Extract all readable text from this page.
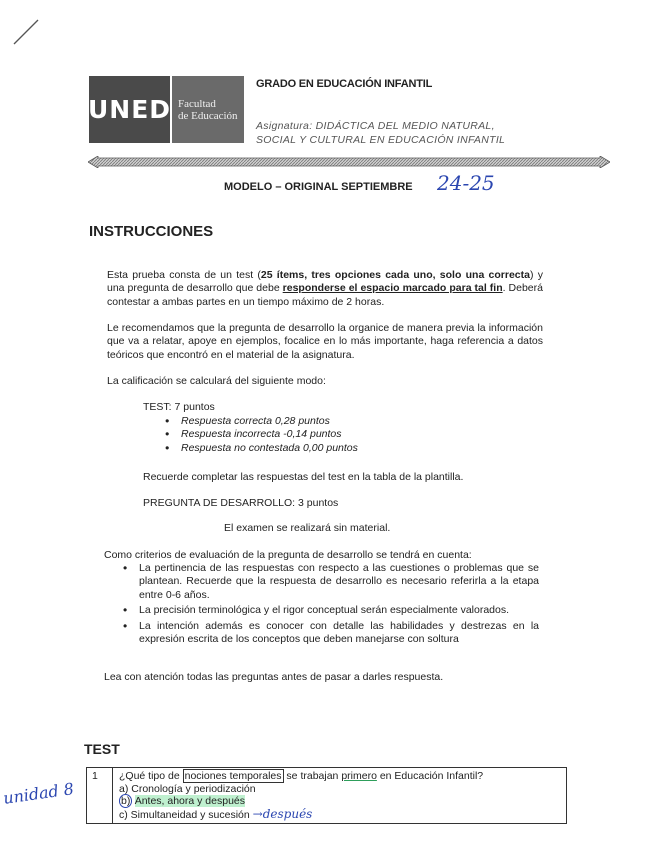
UNED Facultad
de Educación
GRADO EN EDUCACIÓN INFANTIL
Asignatura: DIDÁCTICA DEL MEDIO NATURAL,
SOCIAL Y CULTURAL EN EDUCACIÓN INFANTIL
MODELO – ORIGINAL SEPTIEMBRE 24-25
INSTRUCCIONES
Esta prueba consta de un test (25 ítems, tres opciones cada uno, solo una correcta) y una pregunta de desarrollo que debe responderse el espacio marcado para tal fin. Deberá contestar a ambas partes en un tiempo máximo de 2 horas.
Le recomendamos que la pregunta de desarrollo la organice de manera previa la información que va a relatar, apoye en ejemplos, focalice en lo más importante, haga referencia a datos teóricos que encontró en el material de la asignatura.
La calificación se calculará del siguiente modo:
TEST: 7 puntos
• Respuesta correcta 0,28 puntos
• Respuesta incorrecta -0,14 puntos
• Respuesta no contestada 0,00 puntos
Recuerde completar las respuestas del test en la tabla de la plantilla.
PREGUNTA DE DESARROLLO: 3 puntos
El examen se realizará sin material.
Como criterios de evaluación de la pregunta de desarrollo se tendrá en cuenta:
• La pertinencia de las respuestas con respecto a las cuestiones o problemas que se plantean. Recuerde que la respuesta de desarrollo es necesario referirla a la etapa entre 0-6 años.
• La precisión terminológica y el rigor conceptual serán especialmente valorados.
• La intención además es conocer con detalle las habilidades y destrezas en la expresión escrita de los conceptos que deben manejarse con soltura
Lea con atención todas las preguntas antes de pasar a darles respuesta.
TEST
unidad 8
1 ¿Qué tipo de nociones temporales se trabajan primero en Educación Infantil?
a) Cronología y periodización
b) Antes, ahora y después
c) Simultaneidad y sucesión →después
